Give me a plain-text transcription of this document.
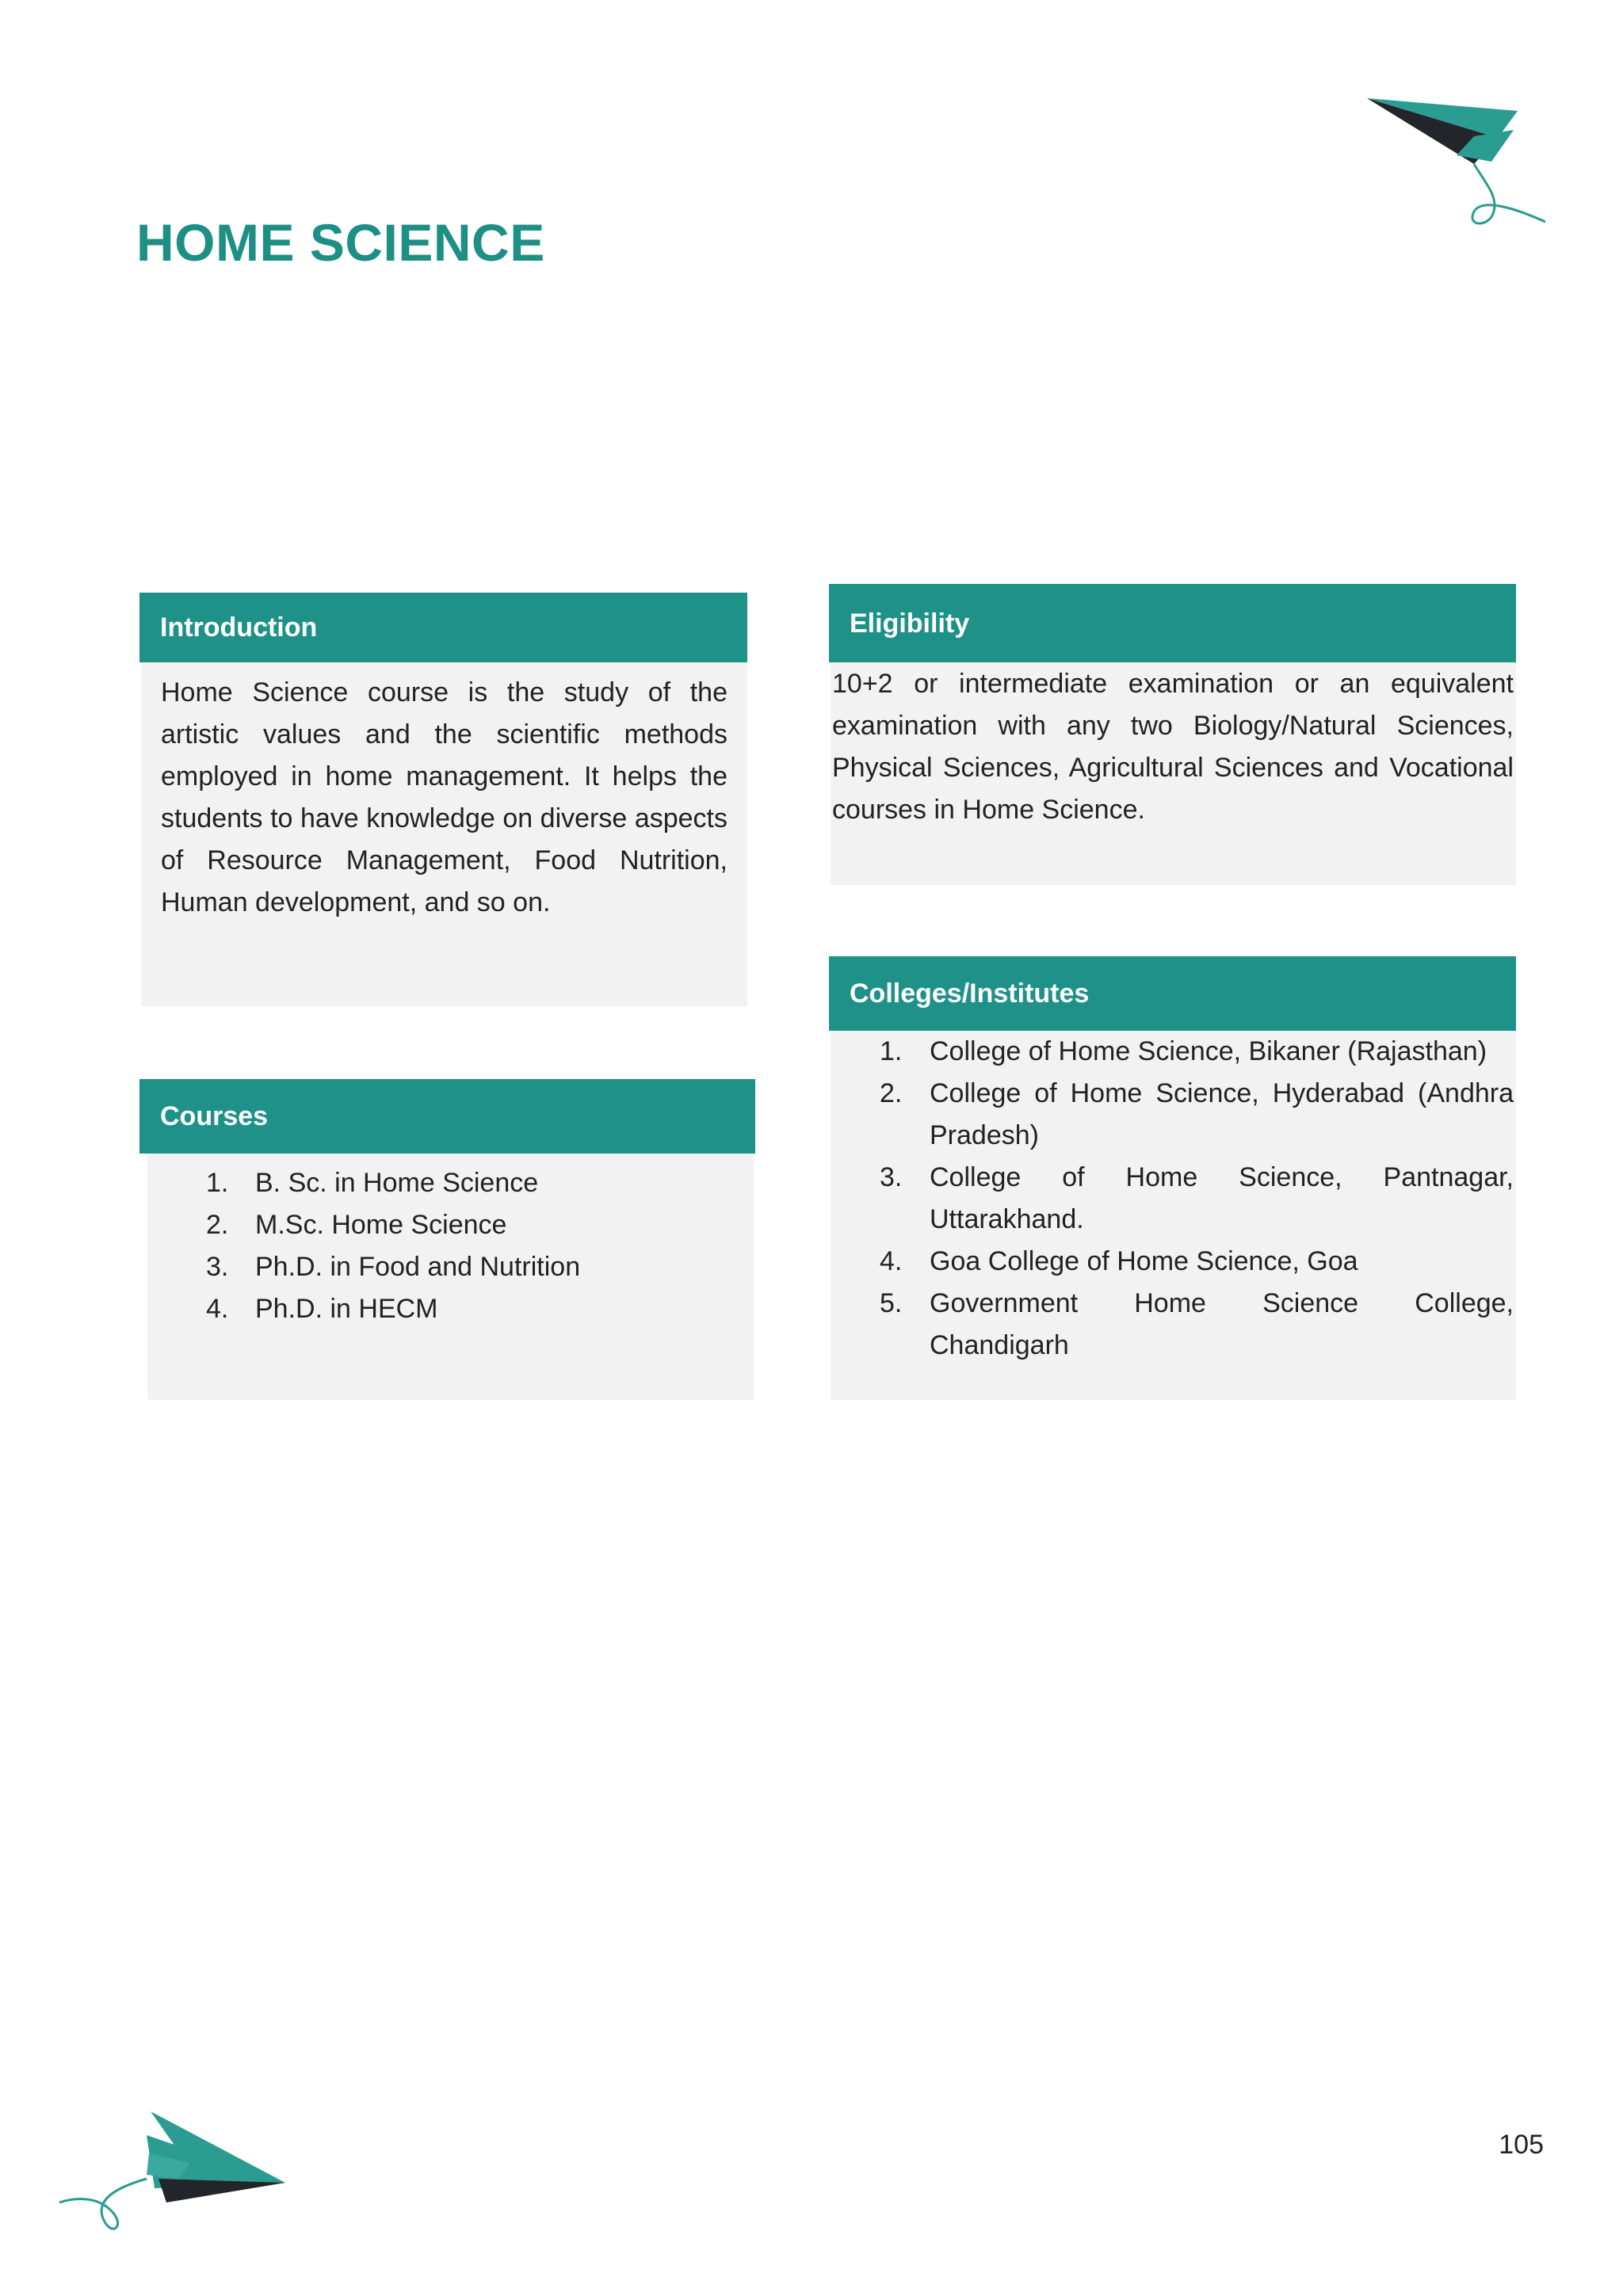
HOME SCIENCE
Introduction

Home Science course is the study of the artistic values and the scientific methods employed in home management. It helps the students to have knowledge on diverse aspects of Resource Management, Food Nutrition, Human development, and so on.

Eligibility

10+2 or intermediate examination or an equivalent examination with any two Biology/Natural Sciences, Physical Sciences, Agricultural Sciences and Vocational courses in Home Science.

Courses
1. B. Sc. in Home Science
2. M.Sc. Home Science
3. Ph.D. in Food and Nutrition
4. Ph.D. in HECM
Colleges/Institutes
1.	College of Home Science, Bikaner (Rajasthan)
2.	College of Home Science, Hyderabad (Andhra Pradesh)
3.	College of Home Science, Pantnagar, Uttarakhand.
4.	Goa College of Home Science, Goa
5.	Government Home Science College, Chandigarh
105
